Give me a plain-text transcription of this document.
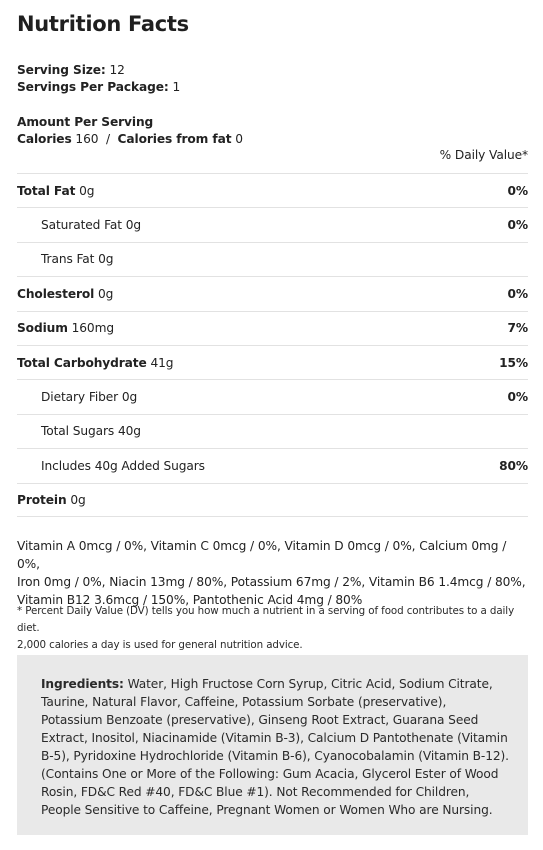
Nutrition Facts
Serving Size: 12
Servings Per Package: 1
Amount Per Serving
Calories 160 / Calories from fat 0
% Daily Value*
Total Fat 0g	0%
Saturated Fat 0g	0%
Trans Fat 0g
Cholesterol 0g	0%
Sodium 160mg	7%
Total Carbohydrate 41g	15%
Dietary Fiber 0g	0%
Total Sugars 40g
Includes 40g Added Sugars	80%
Protein 0g
Vitamin A 0mcg / 0%, Vitamin C 0mcg / 0%, Vitamin D 0mcg / 0%, Calcium 0mg / 0%,
Iron 0mg / 0%, Niacin 13mg / 80%, Potassium 67mg / 2%, Vitamin B6 1.4mcg / 80%,
Vitamin B12 3.6mcg / 150%, Pantothenic Acid 4mg / 80%
* Percent Daily Value (DV) tells you how much a nutrient in a serving of food contributes to a daily diet.
2,000 calories a day is used for general nutrition advice.
Ingredients: Water, High Fructose Corn Syrup, Citric Acid, Sodium Citrate, Taurine, Natural Flavor, Caffeine, Potassium Sorbate (preservative), Potassium Benzoate (preservative), Ginseng Root Extract, Guarana Seed Extract, Inositol, Niacinamide (Vitamin B-3), Calcium D Pantothenate (Vitamin B-5), Pyridoxine Hydrochloride (Vitamin B-6), Cyanocobalamin (Vitamin B-12). (Contains One or More of the Following: Gum Acacia, Glycerol Ester of Wood Rosin, FD&C Red #40, FD&C Blue #1). Not Recommended for Children, People Sensitive to Caffeine, Pregnant Women or Women Who are Nursing.
